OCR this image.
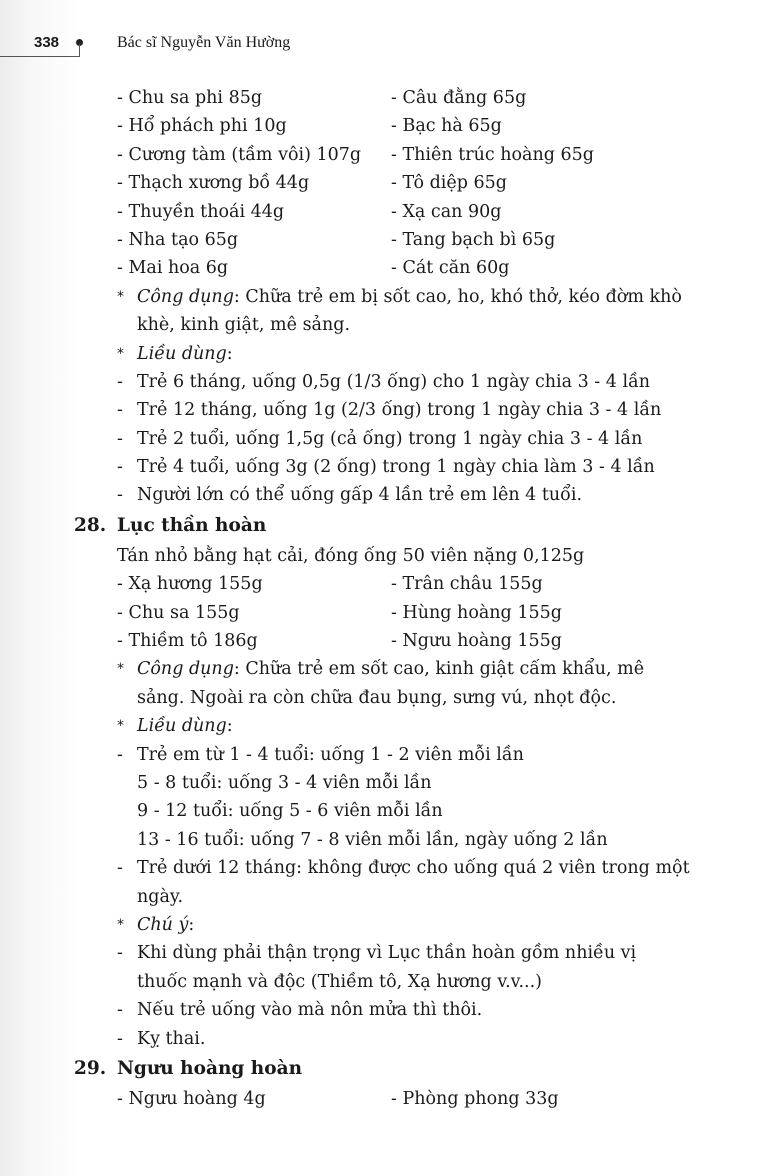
338	Bác sĩ Nguyễn Văn Hường
- Chu sa phi 85g	- Câu đằng 65g
- Hổ phách phi 10g	- Bạc hà 65g
- Cương tàm (tầm vôi) 107g - Thiên trúc hoàng 65g
- Thạch xương bồ 44g	- Tô diệp 65g
- Thuyền thoái 44g	- Xạ can 90g
- Nha tạo 65g	- Tang bạch bì 65g
- Mai hoa 6g	- Cát căn 60g
* Công dụng: Chữa trẻ em bị sốt cao, ho, khó thở, kéo đờm khò
khè, kinh giật, mê sảng.
* Liều dùng:
- Trẻ 6 tháng, uống 0,5g (1/3 ống) cho 1 ngày chia 3 - 4 lần
- Trẻ 12 tháng, uống 1g (2/3 ống) trong 1 ngày chia 3 - 4 lần
- Trẻ 2 tuổi, uống 1,5g (cả ống) trong 1 ngày chia 3 - 4 lần
- Trẻ 4 tuổi, uống 3g (2 ống) trong 1 ngày chia làm 3 - 4 lần
- Người lớn có thể uống gấp 4 lần trẻ em lên 4 tuổi.
28. Lục thần hoàn
Tán nhỏ bằng hạt cải, đóng ống 50 viên nặng 0,125g
- Xạ hương 155g	- Trân châu 155g
- Chu sa 155g	- Hùng hoàng 155g
- Thiềm tô 186g	- Ngưu hoàng 155g
* Công dụng: Chữa trẻ em sốt cao, kinh giật cấm khẩu, mê
sảng. Ngoài ra còn chữa đau bụng, sưng vú, nhọt độc.
* Liều dùng:
- Trẻ em từ 1 - 4 tuổi: uống 1 - 2 viên mỗi lần
5 - 8 tuổi: uống 3 - 4 viên mỗi lần
9 - 12 tuổi: uống 5 - 6 viên mỗi lần
13 - 16 tuổi: uống 7 - 8 viên mỗi lần, ngày uống 2 lần
- Trẻ dưới 12 tháng: không được cho uống quá 2 viên trong một
ngày.
* Chú ý:
- Khi dùng phải thận trọng vì Lục thần hoàn gồm nhiều vị
thuốc mạnh và độc (Thiềm tô, Xạ hương v.v...)
- Nếu trẻ uống vào mà nôn mửa thì thôi.
- Kỵ thai.
29. Ngưu hoàng hoàn
- Ngưu hoàng 4g	- Phòng phong 33g
